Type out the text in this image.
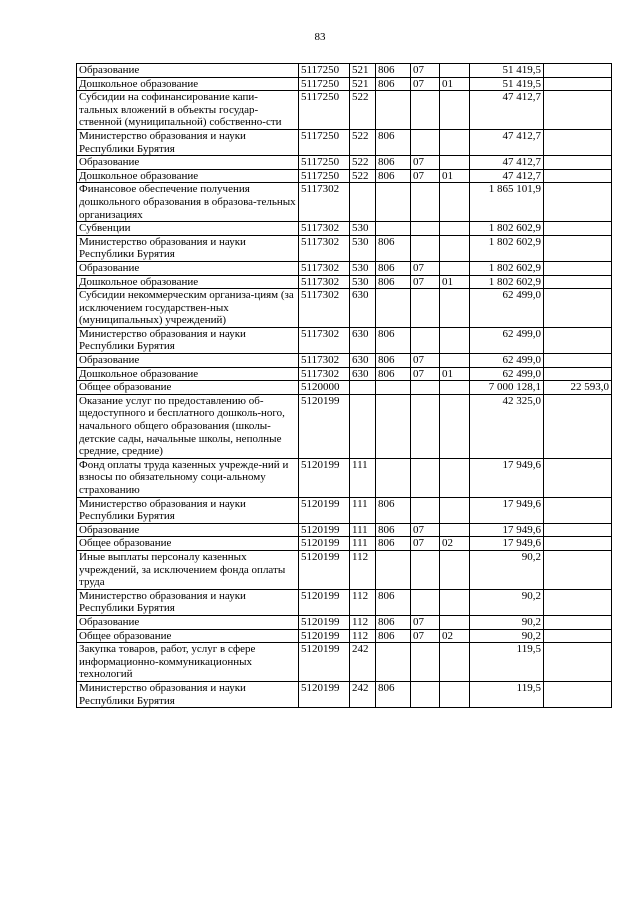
83
Образование	5117250	521	806	07		51 419,5	
Дошкольное образование	5117250	521	806	07	01	51 419,5	
Субсидии на софинансирование капи-тальных вложений в объекты государ-ственной (муниципальной) собственно-сти	5117250	522				47 412,7	
Министерство образования и науки Республики Бурятия	5117250	522	806			47 412,7	
Образование	5117250	522	806	07		47 412,7	
Дошкольное образование	5117250	522	806	07	01	47 412,7	
Финансовое обеспечение получения дошкольного образования в образова-тельных организациях	5117302					1 865 101,9	
Субвенции	5117302	530				1 802 602,9	
Министерство образования и науки Республики Бурятия	5117302	530	806			1 802 602,9	
Образование	5117302	530	806	07		1 802 602,9	
Дошкольное образование	5117302	530	806	07	01	1 802 602,9	
Субсидии некоммерческим организа-циям (за исключением государствен-ных (муниципальных) учреждений)	5117302	630				62 499,0	
Министерство образования и науки Республики Бурятия	5117302	630	806			62 499,0	
Образование	5117302	630	806	07		62 499,0	
Дошкольное образование	5117302	630	806	07	01	62 499,0	
Общее образование	5120000					7 000 128,1	22 593,0
Оказание услуг по предоставлению об-щедоступного и бесплатного дошколь-ного, начального общего образования (школы-детские сады, начальные школы, неполные средние, средние)	5120199					42 325,0	
Фонд оплаты труда казенных учрежде-ний и взносы по обязательному соци-альному страхованию	5120199	111				17 949,6	
Министерство образования и науки Республики Бурятия	5120199	111	806			17 949,6	
Образование	5120199	111	806	07		17 949,6	
Общее образование	5120199	111	806	07	02	17 949,6	
Иные выплаты персоналу казенных учреждений, за исключением фонда оплаты труда	5120199	112				90,2	
Министерство образования и науки Республики Бурятия	5120199	112	806			90,2	
Образование	5120199	112	806	07		90,2	
Общее образование	5120199	112	806	07	02	90,2	
Закупка товаров, работ, услуг в сфере информационно-коммуникационных технологий	5120199	242				119,5	
Министерство образования и науки Республики Бурятия	5120199	242	806			119,5	
